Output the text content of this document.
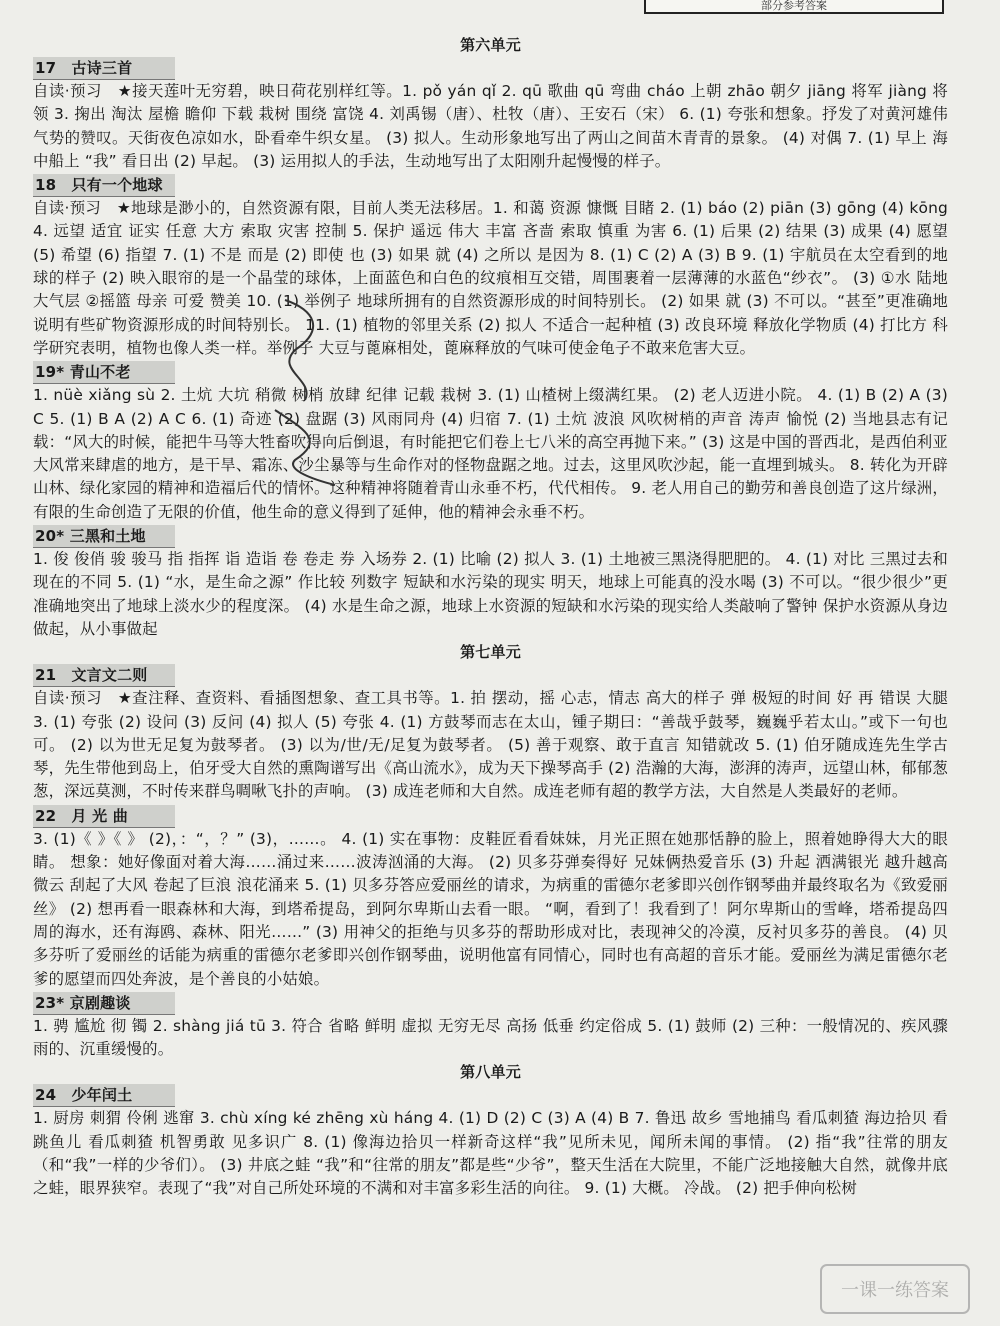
部分参考答案

第六单元

17　古诗三首

自读·预习　★接天莲叶无穷碧，映日荷花别样红等。1. pǒ yán qǐ 2. qū 歌曲 qū 弯曲 cháo 上朝 zhāo 朝夕 jiāng 将军 jiàng 将领 3. 掬出 淘汰 屋檐 瞻仰 下载 栽树 围绕 富饶 4. 刘禹锡（唐）、杜牧（唐）、王安石（宋） 6. (1) 夸张和想象。抒发了对黄河雄伟气势的赞叹。天街夜色凉如水，卧看牵牛织女星。 (3) 拟人。生动形象地写出了两山之间苗木青青的景象。 (4) 对偶 7. (1) 早上 海中船上 “我” 看日出 (2) 早起。 (3) 运用拟人的手法，生动地写出了太阳刚升起慢慢的样子。

18　只有一个地球

自读·预习　★地球是渺小的，自然资源有限，目前人类无法移居。1. 和蔼 资源 慷慨 目睹 2. (1) báo (2) piān (3) gōng (4) kōng 4. 远望 适宜 证实 任意 大方 索取 灾害 控制 5. 保护 遥远 伟大 丰富 吝啬 索取 慎重 为害 6. (1) 后果 (2) 结果 (3) 成果 (4) 愿望 (5) 希望 (6) 指望 7. (1) 不是 而是 (2) 即使 也 (3) 如果 就 (4) 之所以 是因为 8. (1) C (2) A (3) B 9. (1) 宇航员在太空看到的地球的样子 (2) 映入眼帘的是一个晶莹的球体，上面蓝色和白色的纹痕相互交错，周围裹着一层薄薄的水蓝色“纱衣”。 (3) ①水 陆地 大气层 ②摇篮 母亲 可爱 赞美 10. (1) 举例子 地球所拥有的自然资源形成的时间特别长。 (2) 如果 就 (3) 不可以。“甚至”更准确地说明有些矿物资源形成的时间特别长。 11. (1) 植物的邻里关系 (2) 拟人 不适合一起种植 (3) 改良环境 释放化学物质 (4) 打比方 科学研究表明，植物也像人类一样。举例子 大豆与蓖麻相处，蓖麻释放的气味可使金龟子不敢来危害大豆。

19* 青山不老

1. nüè xiǎng sù 2. 土炕 大坑 稍微 树梢 放肆 纪律 记载 栽树 3. (1) 山楂树上缀满红果。 (2) 老人迈进小院。 4. (1) B (2) A (3) C 5. (1) B A (2) A C 6. (1) 奇迹 (2) 盘踞 (3) 风雨同舟 (4) 归宿 7. (1) 土炕 波浪 风吹树梢的声音 涛声 愉悦 (2) 当地县志有记载：“风大的时候，能把牛马等大牲畜吹得向后倒退，有时能把它们卷上七八米的高空再抛下来。” (3) 这是中国的晋西北，是西伯利亚大风常来肆虐的地方，是干旱、霜冻、沙尘暴等与生命作对的怪物盘踞之地。过去，这里风吹沙起，能一直埋到城头。 8. 转化为开辟山林、绿化家园的精神和造福后代的情怀。这种精神将随着青山永垂不朽，代代相传。 9. 老人用自己的勤劳和善良创造了这片绿洲，有限的生命创造了无限的价值，他生命的意义得到了延伸，他的精神会永垂不朽。

20* 三黑和土地

1. 俊 俊俏 骏 骏马 指 指挥 诣 造诣 卷 卷走 券 入场券 2. (1) 比喻 (2) 拟人 3. (1) 土地被三黑浇得肥肥的。 4. (1) 对比 三黑过去和现在的不同 5. (1) “水，是生命之源” 作比较 列数字 短缺和水污染的现实 明天，地球上可能真的没水喝 (3) 不可以。“很少很少”更准确地突出了地球上淡水少的程度深。 (4) 水是生命之源，地球上水资源的短缺和水污染的现实给人类敲响了警钟 保护水资源从身边做起，从小事做起

第七单元

21　文言文二则

自读·预习　★查注释、查资料、看插图想象、查工具书等。1. 拍 摆动，摇 心志，情志 高大的样子 弹 极短的时间 好 再 错误 大腿 3. (1) 夸张 (2) 设问 (3) 反问 (4) 拟人 (5) 夸张 4. (1) 方鼓琴而志在太山，锺子期曰：“善哉乎鼓琴，巍巍乎若太山。”或下一句也可。 (2) 以为世无足复为鼓琴者。 (3) 以为/世/无/足复为鼓琴者。 (5) 善于观察、敢于直言 知错就改 5. (1) 伯牙随成连先生学古琴，先生带他到岛上，伯牙受大自然的熏陶谱写出《高山流水》，成为天下操琴高手 (2) 浩瀚的大海，澎湃的涛声，远望山林，郁郁葱葱，深远莫测，不时传来群鸟啁啾飞扑的声响。 (3) 成连老师和大自然。成连老师有超的教学方法，大自然是人类最好的老师。

22　月 光 曲

3. (1)《 》《 》 (2)，：“，？” (3)，……。 4. (1) 实在事物：皮鞋匠看看妹妹，月光正照在她那恬静的脸上，照着她睁得大大的眼睛。 想象：她好像面对着大海……涌过来……波涛汹涌的大海。 (2) 贝多芬弹奏得好 兄妹俩热爱音乐 (3) 升起 洒满银光 越升越高 微云 刮起了大风 卷起了巨浪 浪花涌来 5. (1) 贝多芬答应爱丽丝的请求，为病重的雷德尔老爹即兴创作钢琴曲并最终取名为《致爱丽丝》 (2) 想再看一眼森林和大海，到塔希提岛，到阿尔卑斯山去看一眼。 “啊，看到了！我看到了！阿尔卑斯山的雪峰，塔希提岛四周的海水，还有海鸥、森林、阳光……” (3) 用神父的拒绝与贝多芬的帮助形成对比，表现神父的冷漠，反衬贝多芬的善良。 (4) 贝多芬听了爱丽丝的话能为病重的雷德尔老爹即兴创作钢琴曲，说明他富有同情心，同时也有高超的音乐才能。爱丽丝为满足雷德尔老爹的愿望而四处奔波，是个善良的小姑娘。

23* 京剧趣谈

1. 骋 尴尬 彻 镯 2. shàng jiá tū 3. 符合 省略 鲜明 虚拟 无穷无尽 高扬 低垂 约定俗成 5. (1) 鼓师 (2) 三种：一般情况的、疾风骤雨的、沉重缓慢的。

第八单元

24　少年闰土

1. 厨房 刺猬 伶俐 逃窜 3. chù xíng ké zhēng xù háng 4. (1) D (2) C (3) A (4) B 7. 鲁迅 故乡 雪地捕鸟 看瓜刺猹 海边拾贝 看跳鱼儿 看瓜刺猹 机智勇敢 见多识广 8. (1) 像海边拾贝一样新奇这样“我”见所未见，闻所未闻的事情。 (2) 指“我”往常的朋友（和“我”一样的少爷们）。 (3) 井底之蛙 “我”和“往常的朋友”都是些“少爷”，整天生活在大院里，不能广泛地接触大自然，就像井底之蛙，眼界狭窄。表现了“我”对自己所处环境的不满和对丰富多彩生活的向往。 9. (1) 大概。 冷战。 (2) 把手伸向松树

一课一练答案
